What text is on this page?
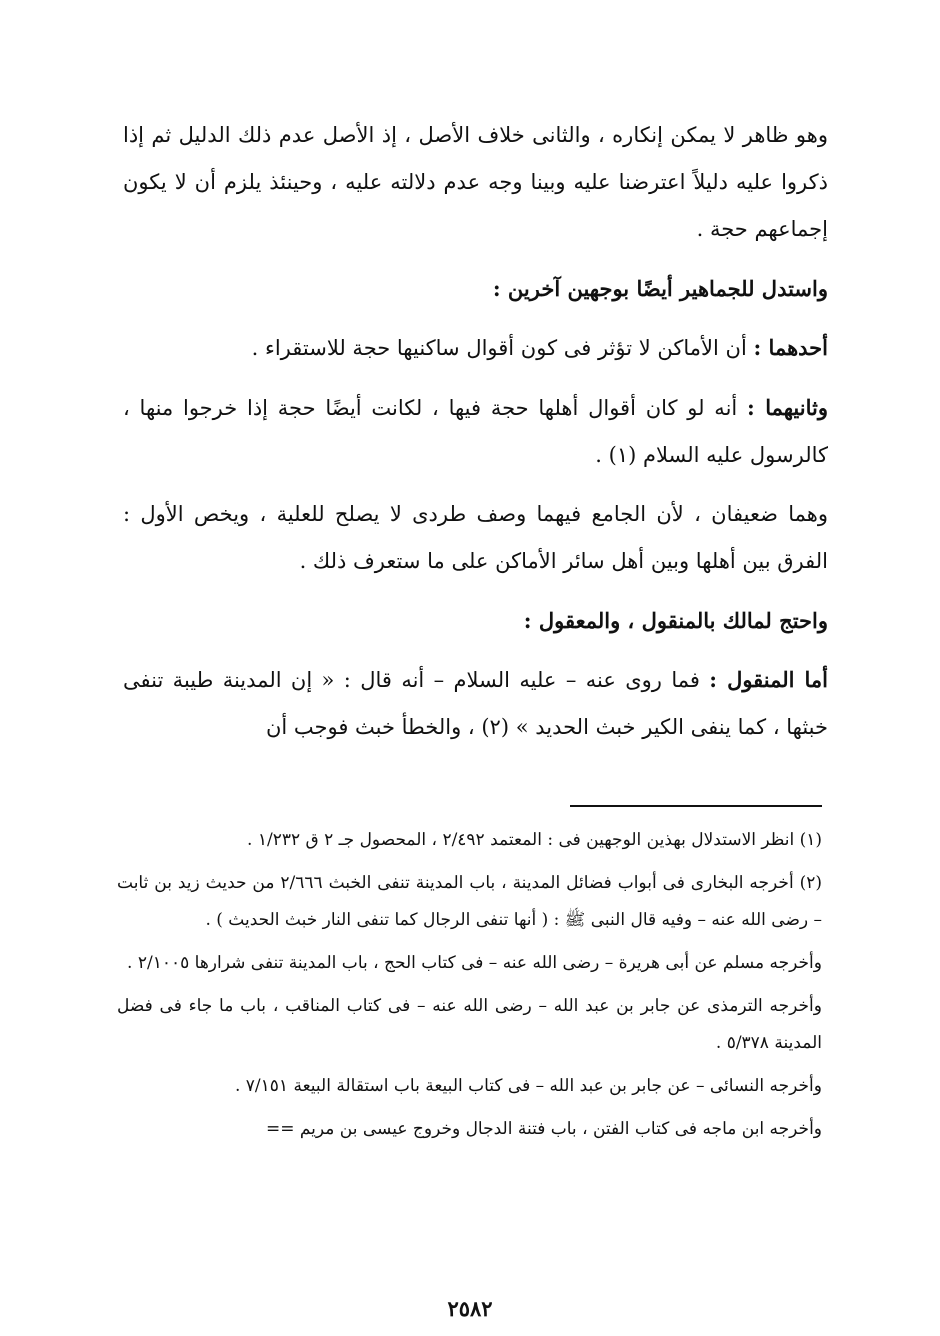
وهو ظاهر لا يمكن إنكاره ، والثانى خلاف الأصل ، إذ الأصل عدم ذلك الدليل ثم إذا ذكروا عليه دليلاً اعترضنا عليه وبينا وجه عدم دلالته عليه ، وحينئذ يلزم أن لا يكون إجماعهم حجة .

واستدل للجماهير أيضًا بوجهين آخرين :

أحدهما : أن الأماكن لا تؤثر فى كون أقوال ساكنيها حجة للاستقراء .

وثانيهما : أنه لو كان أقوال أهلها حجة فيها ، لكانت أيضًا حجة إذا خرجوا منها ، كالرسول عليه السلام (١) .

وهما ضعيفان ، لأن الجامع فيهما وصف طردى لا يصلح للعلية ، ويخص الأول : الفرق بين أهلها وبين أهل سائر الأماكن على ما ستعرف ذلك .

واحتج لمالك بالمنقول ، والمعقول :

أما المنقول : فما روى عنه – عليه السلام – أنه قال : « إن المدينة طيبة تنفى خبثها ، كما ينفى الكير خبث الحديد » (٢) ، والخطأ خبث فوجب أن

(١) انظر الاستدلال بهذين الوجهين فى : المعتمد ٢/٤٩٢ ، المحصول جـ ٢ ق ١/٢٣٢ .

(٢) أخرجه البخارى فى أبواب فضائل المدينة ، باب المدينة تنفى الخبث ٢/٦٦٦ من حديث زيد بن ثابت – رضى الله عنه – وفيه قال النبى ﷺ : ( أنها تنفى الرجال كما تنفى النار خبث الحديث ) .

وأخرجه مسلم عن أبى هريرة – رضى الله عنه – فى كتاب الحج ، باب المدينة تنفى شرارها ٢/١٠٠٥ .

وأخرجه الترمذى عن جابر بن عبد الله – رضى الله عنه – فى كتاب المناقب ، باب ما جاء فى فضل المدينة ٥/٣٧٨ .

وأخرجه النسائى – عن جابر بن عبد الله – فى كتاب البيعة باب استقالة البيعة ٧/١٥١ .

وأخرجه ابن ماجه فى كتاب الفتن ، باب فتنة الدجال وخروج عيسى بن مريم ==

٢٥٨٢
